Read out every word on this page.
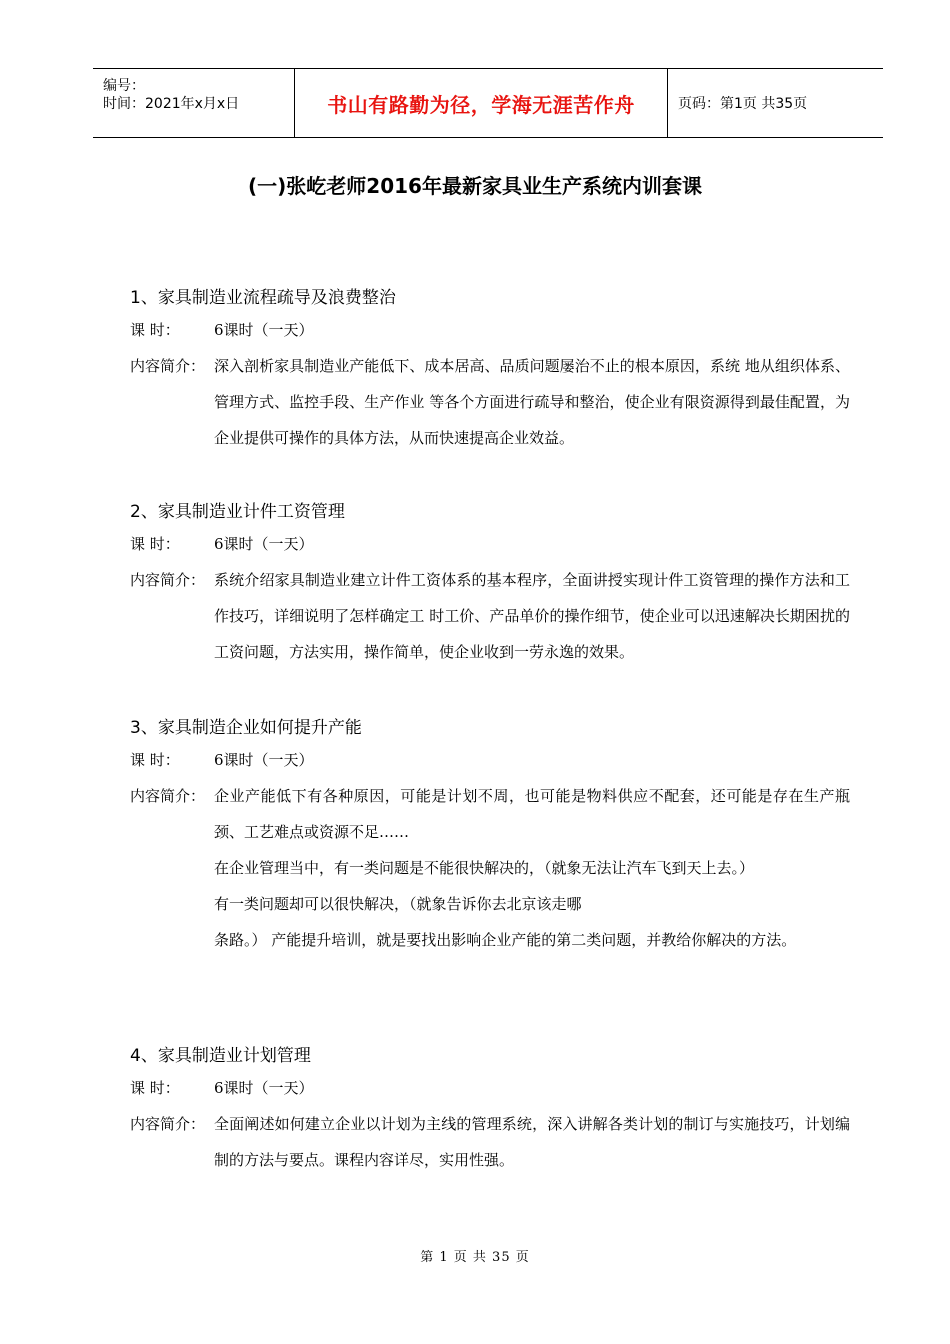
编号：
时间：2021年x月x日	书山有路勤为径，学海无涯苦作舟	页码：第1页 共35页
(一)张屹老师2016年最新家具业生产系统内训套课
1、家具制造业流程疏导及浪费整治
课 时：	6课时（一天）
内容简介： 深入剖析家具制造业产能低下、成本居高、品质问题屡治不止的根本原因，系统 地从组织体系、管理方式、监控手段、生产作业 等各个方面进行疏导和整治，使企业有限资源得到最佳配置，为企业提供可操作的具体方法，从而快速提高企业效益。
2、家具制造业计件工资管理
课 时：	6课时（一天）
内容简介： 系统介绍家具制造业建立计件工资体系的基本程序，全面讲授实现计件工资管理的操作方法和工作技巧，详细说明了怎样确定工 时工价、产品单价的操作细节，使企业可以迅速解决长期困扰的工资问题，方法实用，操作简单，使企业收到一劳永逸的效果。
3、家具制造企业如何提升产能
课 时：	6课时（一天）
内容简介： 企业产能低下有各种原因，可能是计划不周，也可能是物料供应不配套，还可能是存在生产瓶颈、工艺难点或资源不足……
在企业管理当中，有一类问题是不能很快解决的，（就象无法让汽车飞到天上去。）
有一类问题却可以很快解决，（就象告诉你去北京该走哪
条路。） 产能提升培训，就是要找出影响企业产能的第二类问题，并教给你解决的方法。
4、家具制造业计划管理
课 时：	6课时（一天）
内容简介： 全面阐述如何建立企业以计划为主线的管理系统，深入讲解各类计划的制订与实施技巧，计划编制的方法与要点。课程内容详尽，实用性强。
第 1 页 共 35 页
